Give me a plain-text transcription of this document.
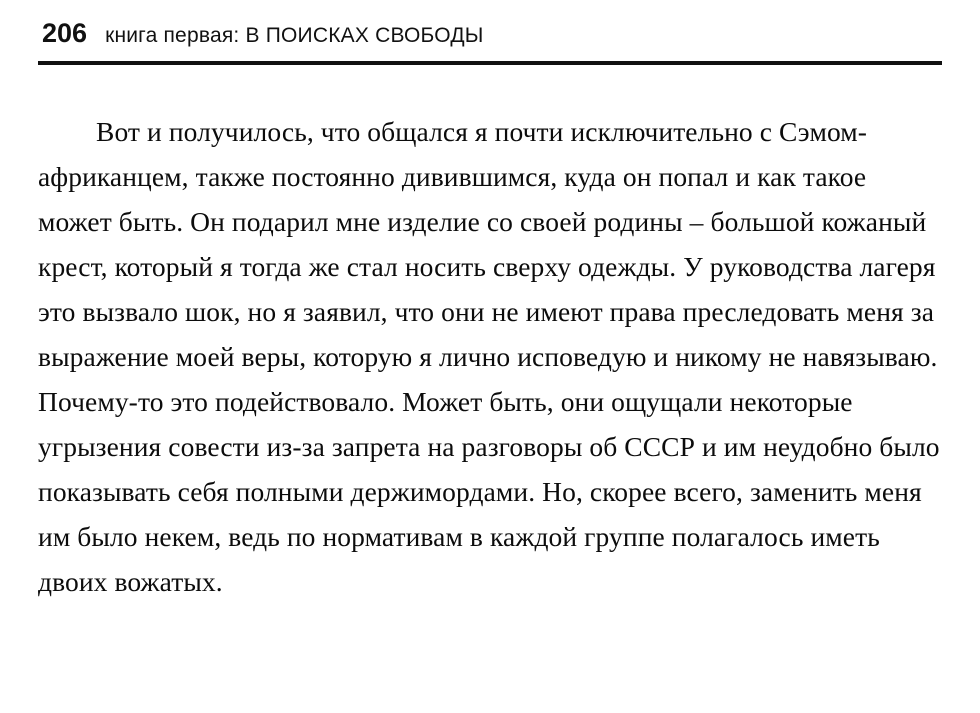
206 книга первая: В ПОИСКАХ СВОБОДЫ

Вот и получилось, что общался я почти исключительно с Сэмом-африканцем, также постоянно дивившимся, куда он попал и как такое может быть. Он подарил мне изделие со своей родины – большой кожаный крест, который я тогда же стал носить сверху одежды. У руководства лагеря это вызвало шок, но я заявил, что они не имеют права преследовать меня за выражение моей веры, которую я лично исповедую и никому не навязываю. Почему-то это подействовало. Может быть, они ощущали некоторые угрызения совести из-за запрета на разговоры об СССР и им неудобно было показывать себя полными держимордами. Но, скорее всего, заменить меня им было некем, ведь по нормативам в каждой группе полагалось иметь двоих вожатых.
